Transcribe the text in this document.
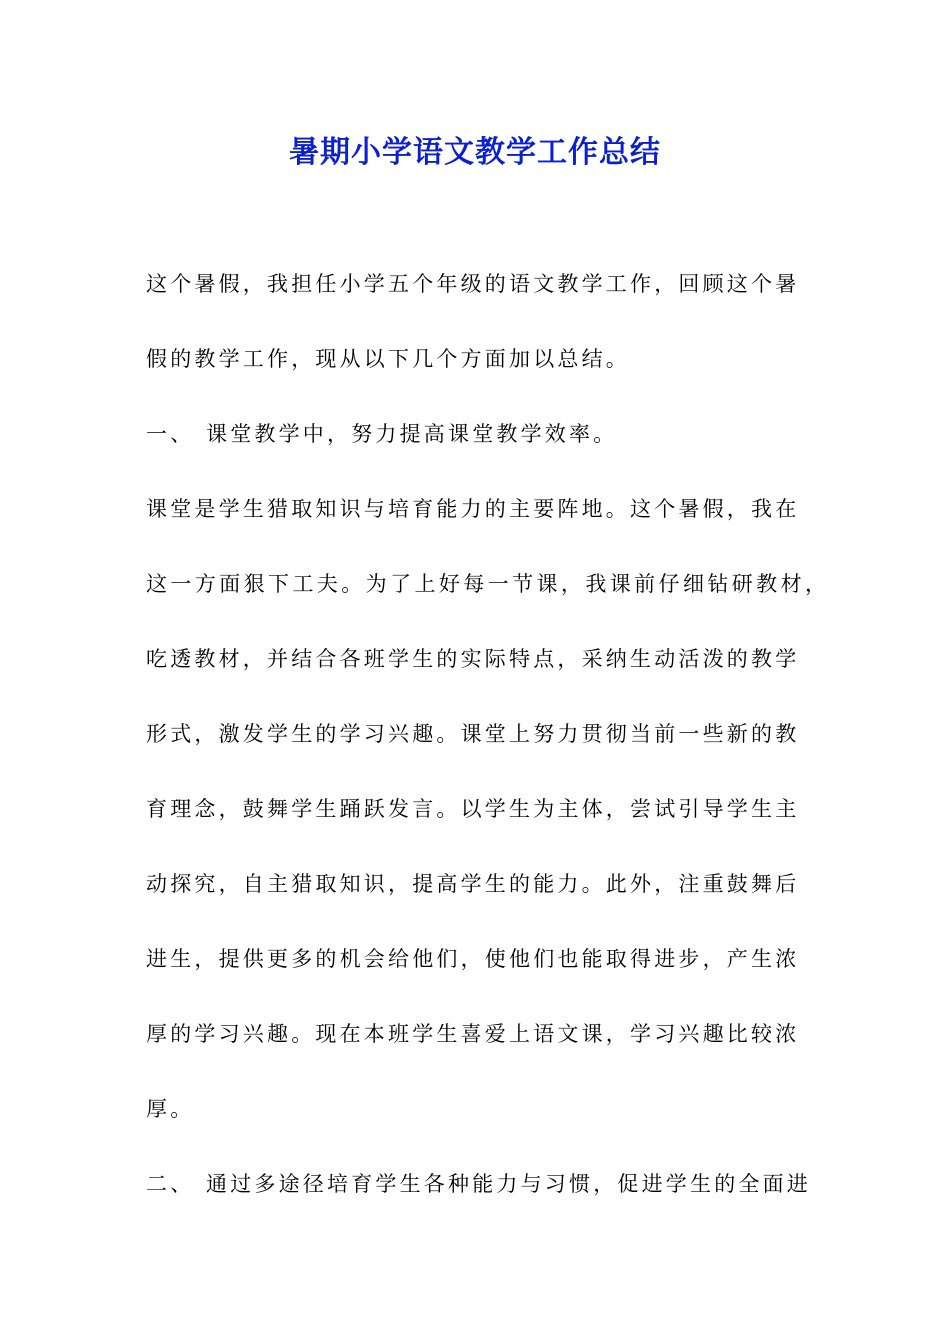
暑期小学语文教学工作总结
这个暑假，我担任小学五个年级的语文教学工作，回顾这个暑
假的教学工作，现从以下几个方面加以总结。
一、 课堂教学中，努力提高课堂教学效率。
课堂是学生猎取知识与培育能力的主要阵地。这个暑假，我在
这一方面狠下工夫。为了上好每一节课，我课前仔细钻研教材，
吃透教材，并结合各班学生的实际特点，采纳生动活泼的教学
形式，激发学生的学习兴趣。课堂上努力贯彻当前一些新的教
育理念，鼓舞学生踊跃发言。以学生为主体，尝试引导学生主
动探究，自主猎取知识，提高学生的能力。此外，注重鼓舞后
进生，提供更多的机会给他们，使他们也能取得进步，产生浓
厚的学习兴趣。现在本班学生喜爱上语文课，学习兴趣比较浓
厚。
二、 通过多途径培育学生各种能力与习惯，促进学生的全面进
